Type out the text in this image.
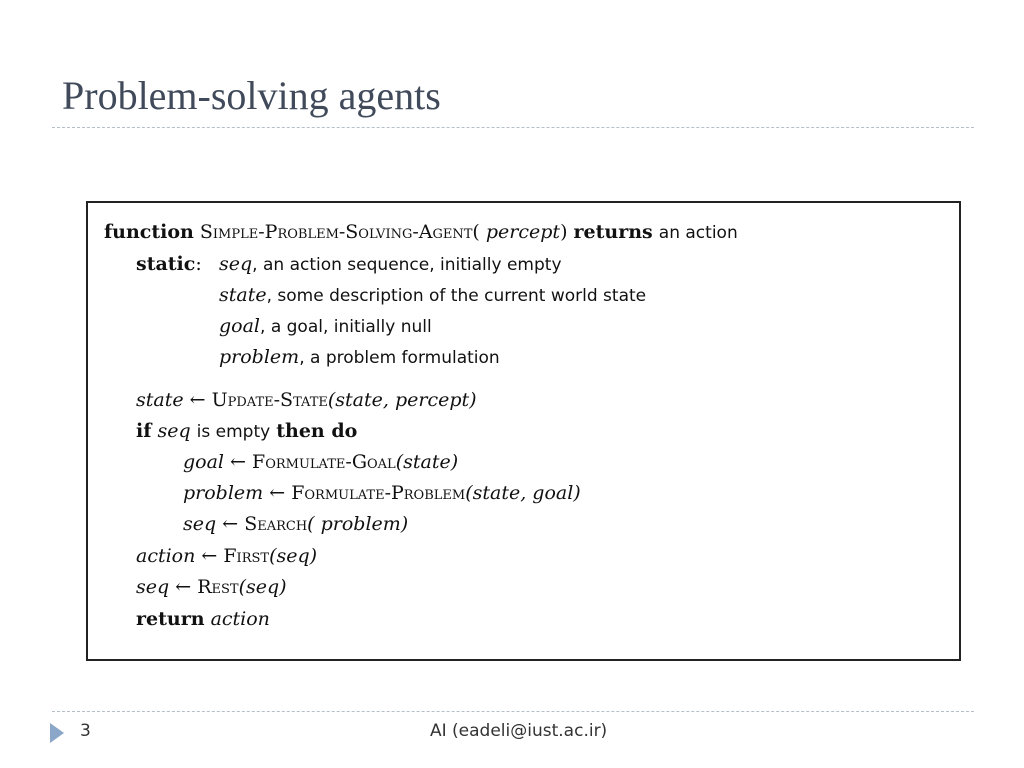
Problem-solving agents
function Simple-Problem-Solving-Agent( percept) returns an action
static: seq, an action sequence, initially empty
state, some description of the current world state
goal, a goal, initially null
problem, a problem formulation
state ← Update-State(state, percept)
if seq is empty then do
goal ← Formulate-Goal(state)
problem ← Formulate-Problem(state, goal)
seq ← Search( problem)
action ← First(seq)
seq ← Rest(seq)
return action
3	AI (eadeli@iust.ac.ir)
